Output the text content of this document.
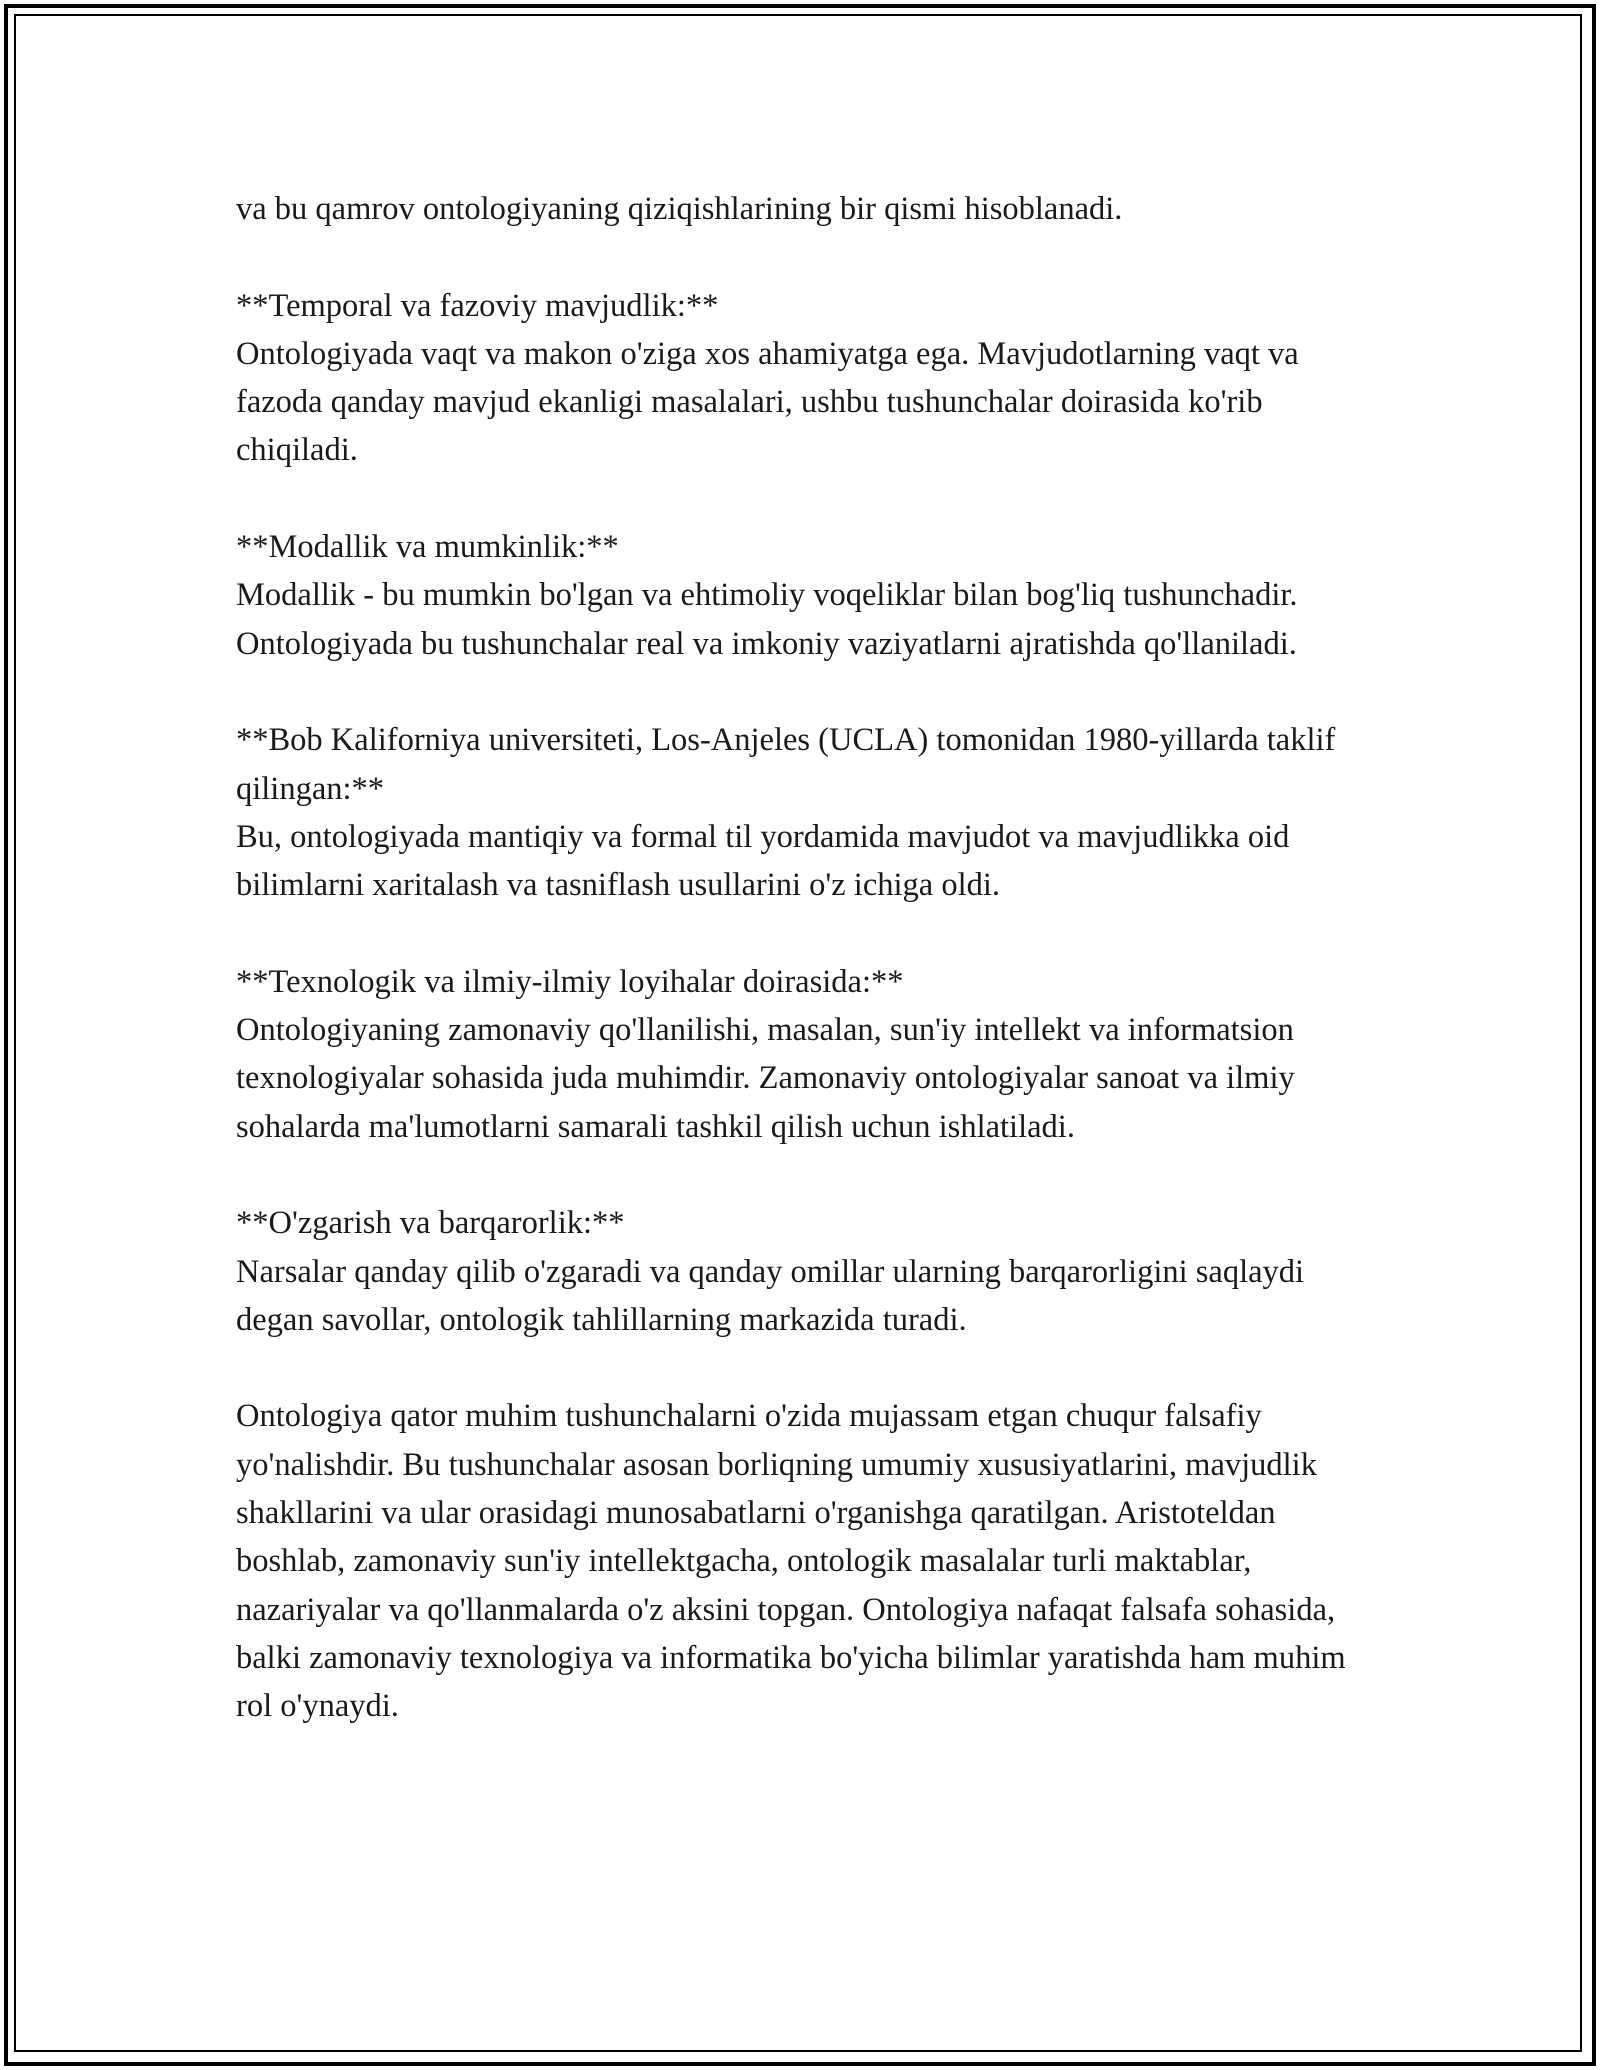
va bu qamrov ontologiyaning qiziqishlarining bir qismi hisoblanadi.

**Temporal va fazoviy mavjudlik:**
Ontologiyada vaqt va makon o'ziga xos ahamiyatga ega. Mavjudotlarning vaqt va fazoda qanday mavjud ekanligi masalalari, ushbu tushunchalar doirasida ko'rib chiqiladi.
**Modallik va mumkinlik:**
Modallik - bu mumkin bo'lgan va ehtimoliy voqeliklar bilan bog'liq tushunchadir. Ontologiyada bu tushunchalar real va imkoniy vaziyatlarni ajratishda qo'llaniladi.
**Bob Kaliforniya universiteti, Los-Anjeles (UCLA) tomonidan 1980-yillarda taklif qilingan:**
Bu, ontologiyada mantiqiy va formal til yordamida mavjudot va mavjudlikka oid bilimlarni xaritalash va tasniflash usullarini o'z ichiga oldi.
**Texnologik va ilmiy-ilmiy loyihalar doirasida:**
Ontologiyaning zamonaviy qo'llanilishi, masalan, sun'iy intellekt va informatsion texnologiyalar sohasida juda muhimdir. Zamonaviy ontologiyalar sanoat va ilmiy sohalarda ma'lumotlarni samarali tashkil qilish uchun ishlatiladi.
**O'zgarish va barqarorlik:**
Narsalar qanday qilib o'zgaradi va qanday omillar ularning barqarorligini saqlaydi degan savollar, ontologik tahlillarning markazida turadi.

Ontologiya qator muhim tushunchalarni o'zida mujassam etgan chuqur falsafiy yo'nalishdir. Bu tushunchalar asosan borliqning umumiy xususiyatlarini, mavjudlik shakllarini va ular orasidagi munosabatlarni o'rganishga qaratilgan. Aristoteldan boshlab, zamonaviy sun'iy intellektgacha, ontologik masalalar turli maktablar, nazariyalar va qo'llanmalarda o'z aksini topgan. Ontologiya nafaqat falsafa sohasida, balki zamonaviy texnologiya va informatika bo'yicha bilimlar yaratishda ham muhim rol o'ynaydi.
